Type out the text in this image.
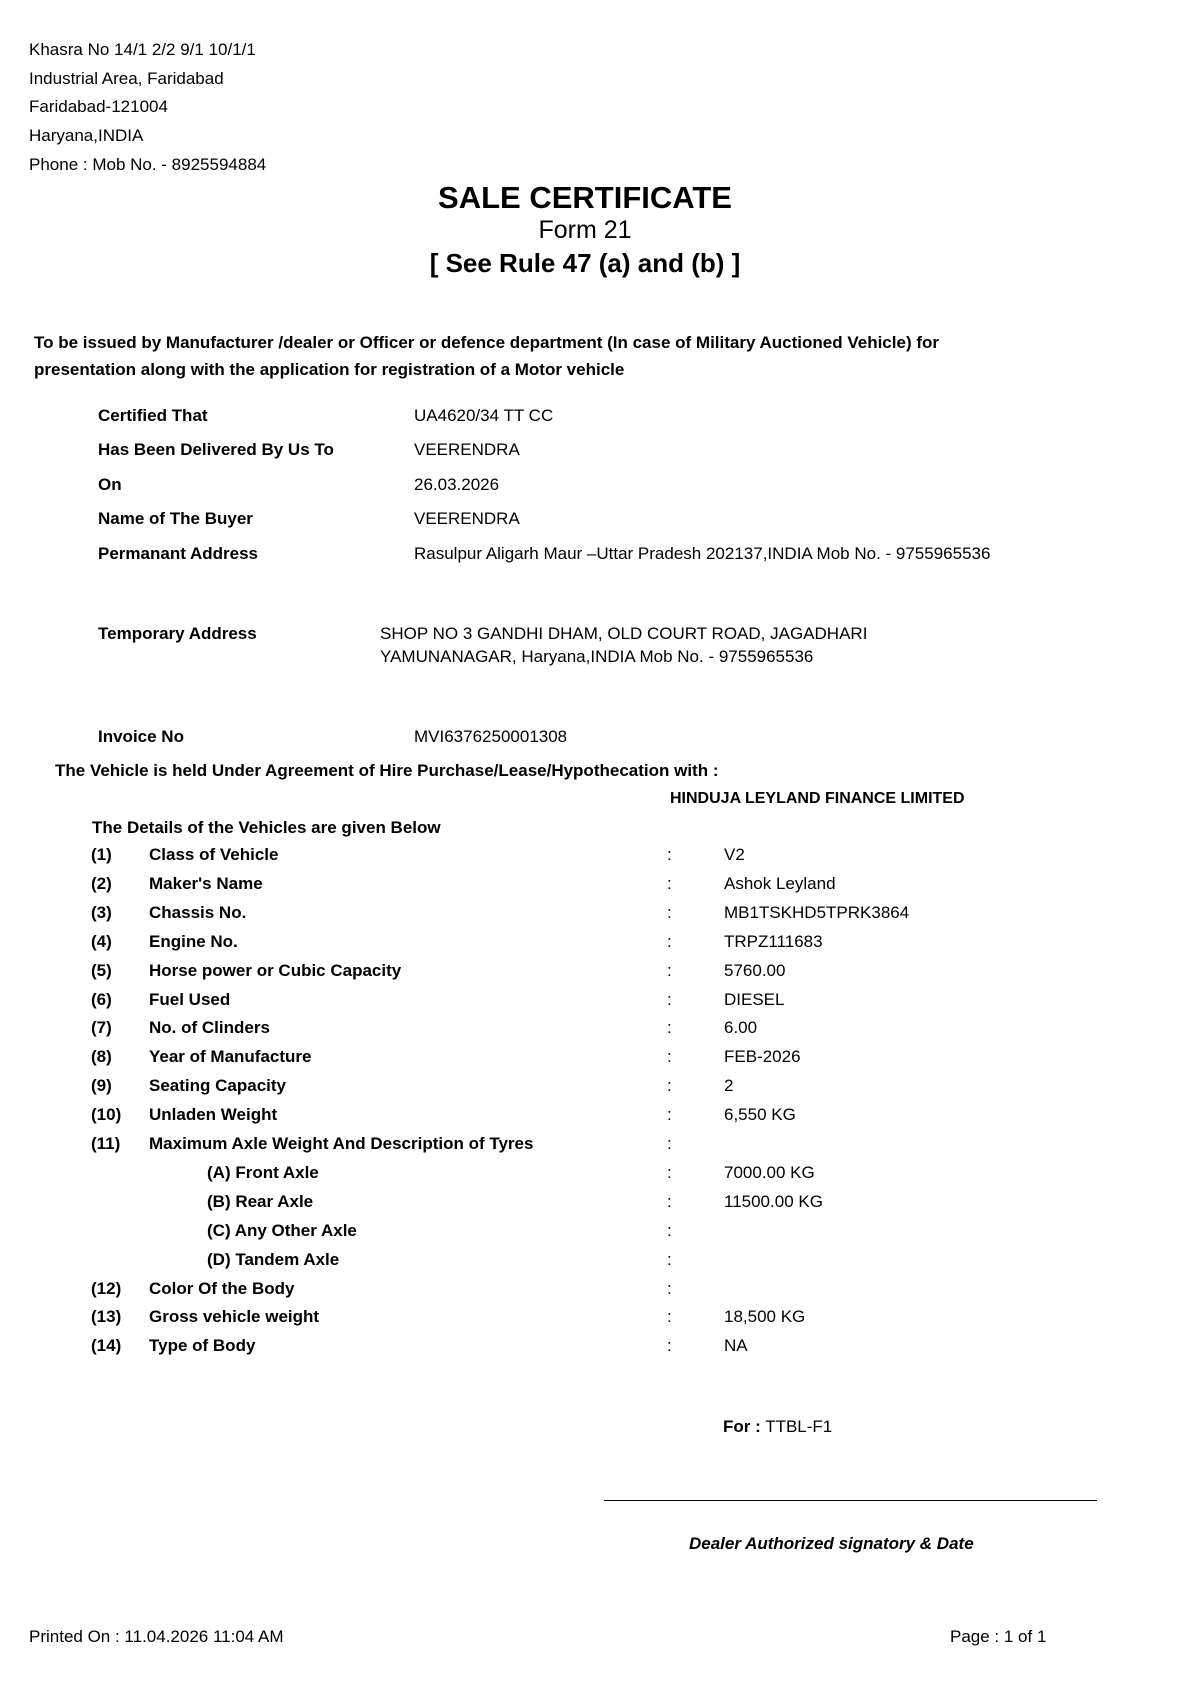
Khasra No 14/1 2/2 9/1 10/1/1
Industrial Area, Faridabad
Faridabad-121004
Haryana,INDIA
Phone : Mob No. - 8925594884
SALE CERTIFICATE
Form 21
[ See Rule 47 (a) and (b) ]
To be issued by Manufacturer /dealer or Officer or defence department (In case of Military Auctioned Vehicle) for presentation along with the application for registration of a Motor vehicle
Certified That	UA4620/34 TT CC
Has Been Delivered By Us To	VEERENDRA
On	26.03.2026
Name of The Buyer	VEERENDRA
Permanant Address	Rasulpur Aligarh Maur –Uttar Pradesh 202137,INDIA Mob No. - 9755965536
Temporary Address	SHOP NO 3 GANDHI DHAM, OLD COURT ROAD, JAGADHARI
YAMUNANAGAR, Haryana,INDIA Mob No. - 9755965536
Invoice No	MVI6376250001308
The Vehicle is held Under Agreement of Hire Purchase/Lease/Hypothecation with :
HINDUJA LEYLAND FINANCE LIMITED
The Details of the Vehicles are given Below
(1) Class of Vehicle	:	V2
(2) Maker's Name	:	Ashok Leyland
(3) Chassis No.	:	MB1TSKHD5TPRK3864
(4) Engine No.	:	TRPZ111683
(5) Horse power or Cubic Capacity	:	5760.00
(6) Fuel Used	:	DIESEL
(7) No. of Clinders	:	6.00
(8) Year of Manufacture	:	FEB-2026
(9) Seating Capacity	:	2
(10) Unladen Weight	:	6,550 KG
(11) Maximum Axle Weight And Description of Tyres	:
(A) Front Axle	:	7000.00 KG
(B) Rear Axle	:	11500.00 KG
(C) Any Other Axle	:
(D) Tandem Axle	:
(12) Color Of the Body	:
(13) Gross vehicle weight	:	18,500 KG
(14) Type of Body	:	NA
For : TTBL-F1
Dealer Authorized signatory & Date
Printed On : 11.04.2026 11:04 AM	Page : 1 of 1
